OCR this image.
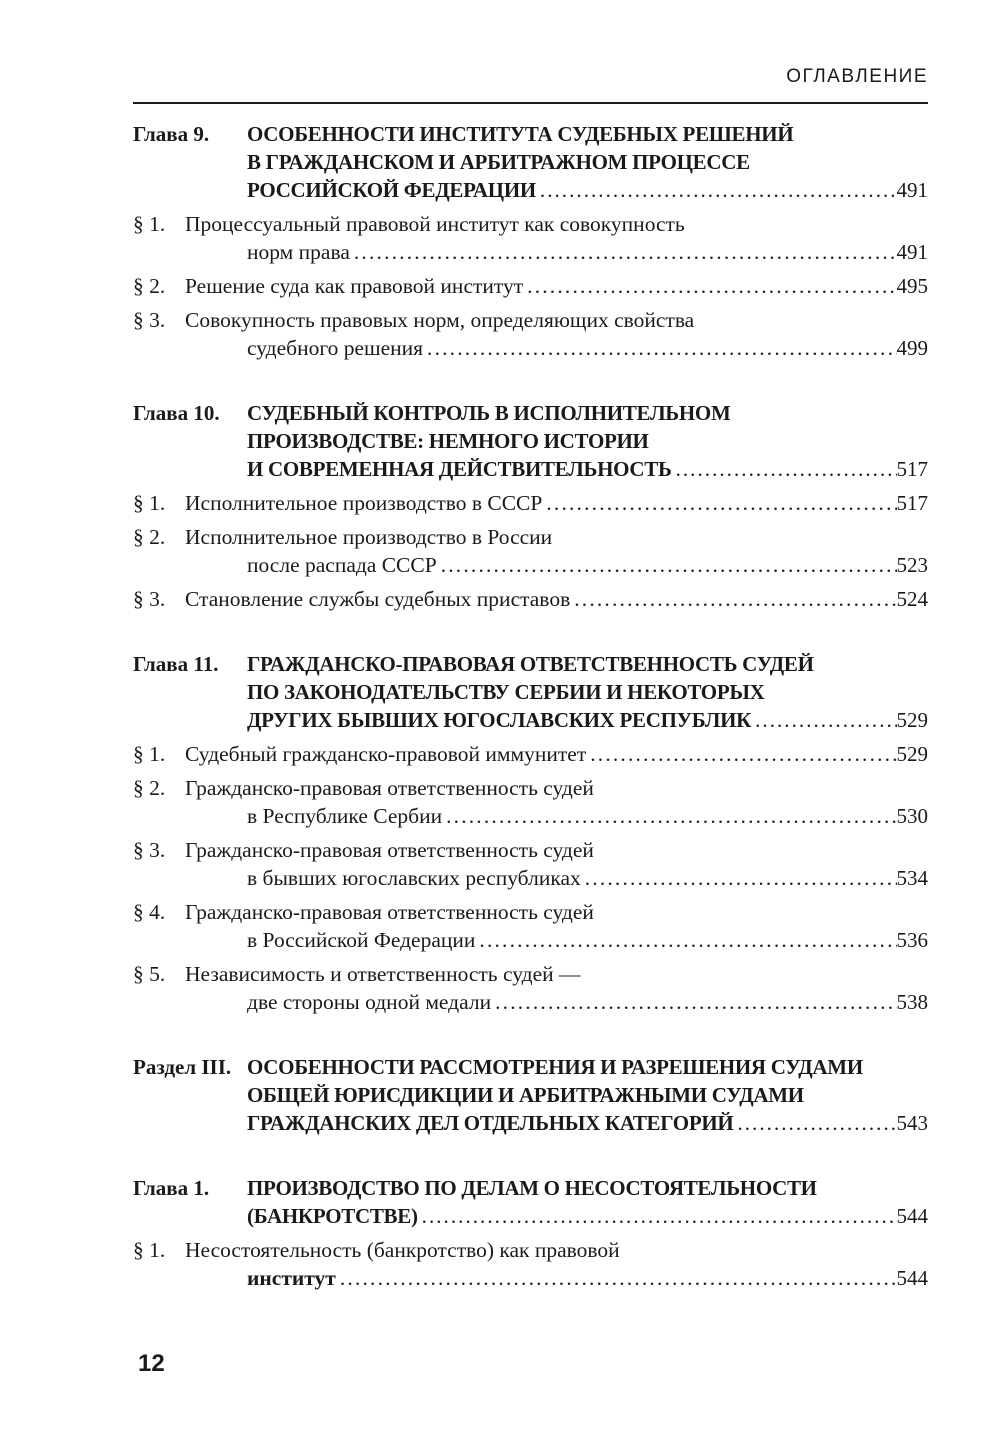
ОГЛАВЛЕНИЕ
Глава 9. ОСОБЕННОСТИ ИНСТИТУТА СУДЕБНЫХ РЕШЕНИЙ
В ГРАЖДАНСКОМ И АРБИТРАЖНОМ ПРОЦЕССЕ
РОССИЙСКОЙ ФЕДЕРАЦИИ . . .	491
§ 1. Процессуальный правовой институт как совокупность
норм права . . .	491
§ 2. Решение суда как правовой институт . . .	495
§ 3. Совокупность правовых норм, определяющих свойства
судебного решения . . .	499
Глава 10. СУДЕБНЫЙ КОНТРОЛЬ В ИСПОЛНИТЕЛЬНОМ
ПРОИЗВОДСТВЕ: НЕМНОГО ИСТОРИИ
И СОВРЕМЕННАЯ ДЕЙСТВИТЕЛЬНОСТЬ . . .	517
§ 1. Исполнительное производство в СССР . . .	517
§ 2. Исполнительное производство в России
после распада СССР . . .	523
§ 3. Становление службы судебных приставов . . .	524
Глава 11. ГРАЖДАНСКО-ПРАВОВАЯ ОТВЕТСТВЕННОСТЬ СУДЕЙ
ПО ЗАКОНОДАТЕЛЬСТВУ СЕРБИИ И НЕКОТОРЫХ
ДРУГИХ БЫВШИХ ЮГОСЛАВСКИХ РЕСПУБЛИК . . .	529
§ 1. Судебный гражданско-правовой иммунитет . . .	529
§ 2. Гражданско-правовая ответственность судей
в Республике Сербии . . .	530
§ 3. Гражданско-правовая ответственность судей
в бывших югославских республиках . . .	534
§ 4. Гражданско-правовая ответственность судей
в Российской Федерации . . .	536
§ 5. Независимость и ответственность судей —
две стороны одной медали . . .	538
Раздел III. ОСОБЕННОСТИ РАССМОТРЕНИЯ И РАЗРЕШЕНИЯ СУДАМИ
ОБЩЕЙ ЮРИСДИКЦИИ И АРБИТРАЖНЫМИ СУДАМИ
ГРАЖДАНСКИХ ДЕЛ ОТДЕЛЬНЫХ КАТЕГОРИЙ . . .	543
Глава 1. ПРОИЗВОДСТВО ПО ДЕЛАМ О НЕСОСТОЯТЕЛЬНОСТИ
(БАНКРОТСТВЕ) . . .	544
§ 1. Несостоятельность (банкротство) как правовой
институт . . .	544
12
